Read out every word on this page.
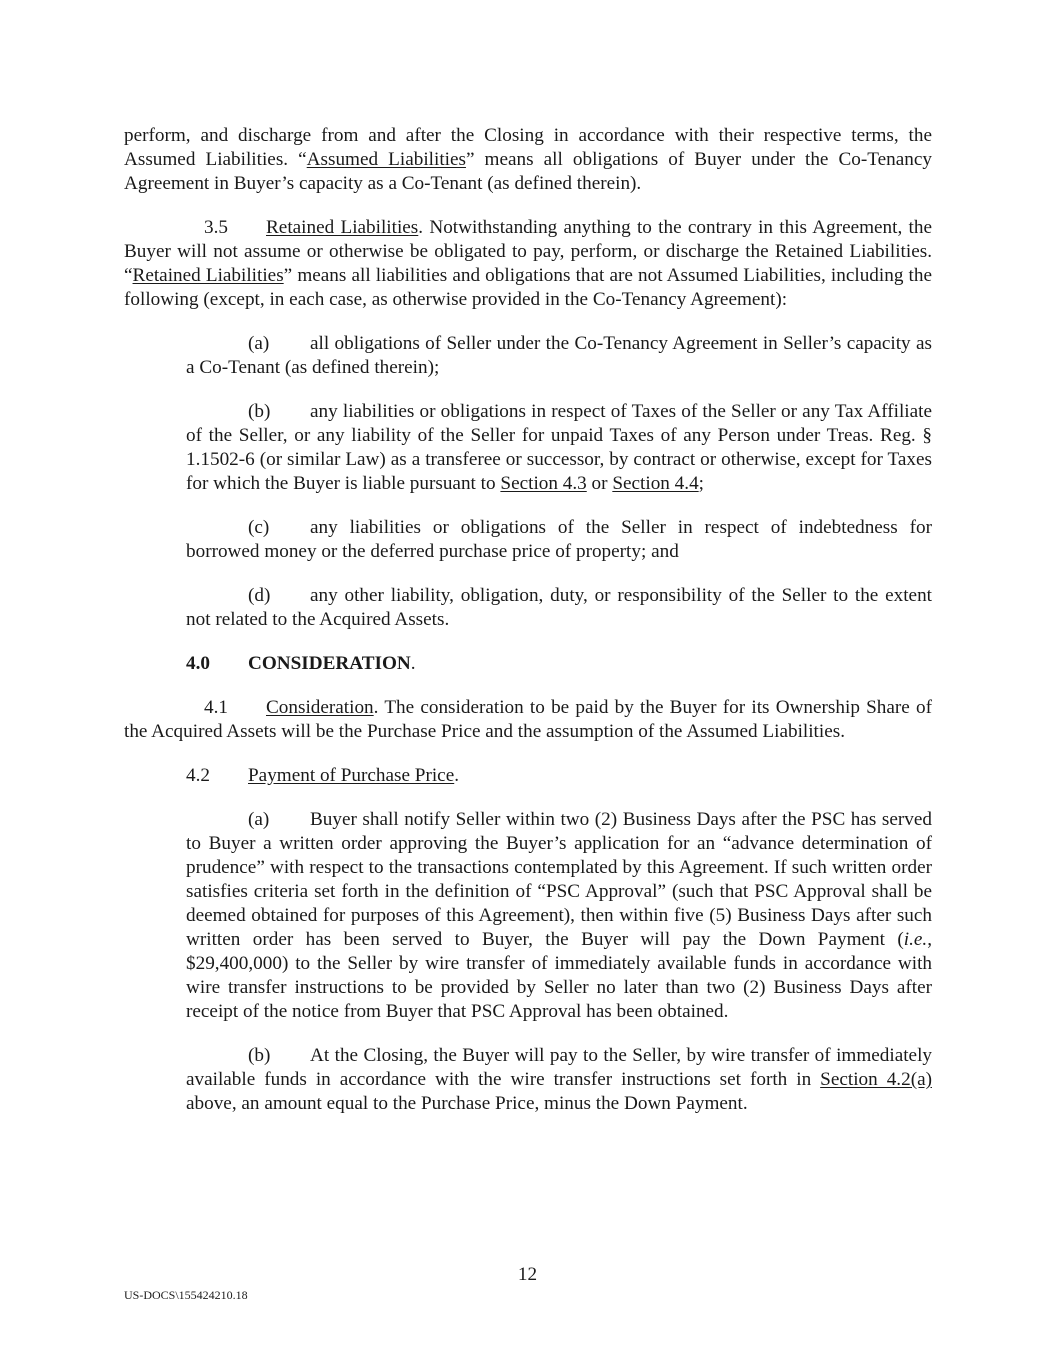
perform, and discharge from and after the Closing in accordance with their respective terms, the Assumed Liabilities. “Assumed Liabilities” means all obligations of Buyer under the Co-Tenancy Agreement in Buyer’s capacity as a Co-Tenant (as defined therein).

3.5 Retained Liabilities. Notwithstanding anything to the contrary in this Agreement, the Buyer will not assume or otherwise be obligated to pay, perform, or discharge the Retained Liabilities. “Retained Liabilities” means all liabilities and obligations that are not Assumed Liabilities, including the following (except, in each case, as otherwise provided in the Co-Tenancy Agreement):

(a) all obligations of Seller under the Co-Tenancy Agreement in Seller’s capacity as a Co-Tenant (as defined therein);

(b) any liabilities or obligations in respect of Taxes of the Seller or any Tax Affiliate of the Seller, or any liability of the Seller for unpaid Taxes of any Person under Treas. Reg. § 1.1502-6 (or similar Law) as a transferee or successor, by contract or otherwise, except for Taxes for which the Buyer is liable pursuant to Section 4.3 or Section 4.4;

(c) any liabilities or obligations of the Seller in respect of indebtedness for borrowed money or the deferred purchase price of property; and

(d) any other liability, obligation, duty, or responsibility of the Seller to the extent not related to the Acquired Assets.

4.0 CONSIDERATION.

4.1 Consideration. The consideration to be paid by the Buyer for its Ownership Share of the Acquired Assets will be the Purchase Price and the assumption of the Assumed Liabilities.

4.2 Payment of Purchase Price.

(a) Buyer shall notify Seller within two (2) Business Days after the PSC has served to Buyer a written order approving the Buyer’s application for an “advance determination of prudence” with respect to the transactions contemplated by this Agreement. If such written order satisfies criteria set forth in the definition of “PSC Approval” (such that PSC Approval shall be deemed obtained for purposes of this Agreement), then within five (5) Business Days after such written order has been served to Buyer, the Buyer will pay the Down Payment (i.e., $29,400,000) to the Seller by wire transfer of immediately available funds in accordance with wire transfer instructions to be provided by Seller no later than two (2) Business Days after receipt of the notice from Buyer that PSC Approval has been obtained.

(b) At the Closing, the Buyer will pay to the Seller, by wire transfer of immediately available funds in accordance with the wire transfer instructions set forth in Section 4.2(a) above, an amount equal to the Purchase Price, minus the Down Payment.

12
US-DOCS\155424210.18
